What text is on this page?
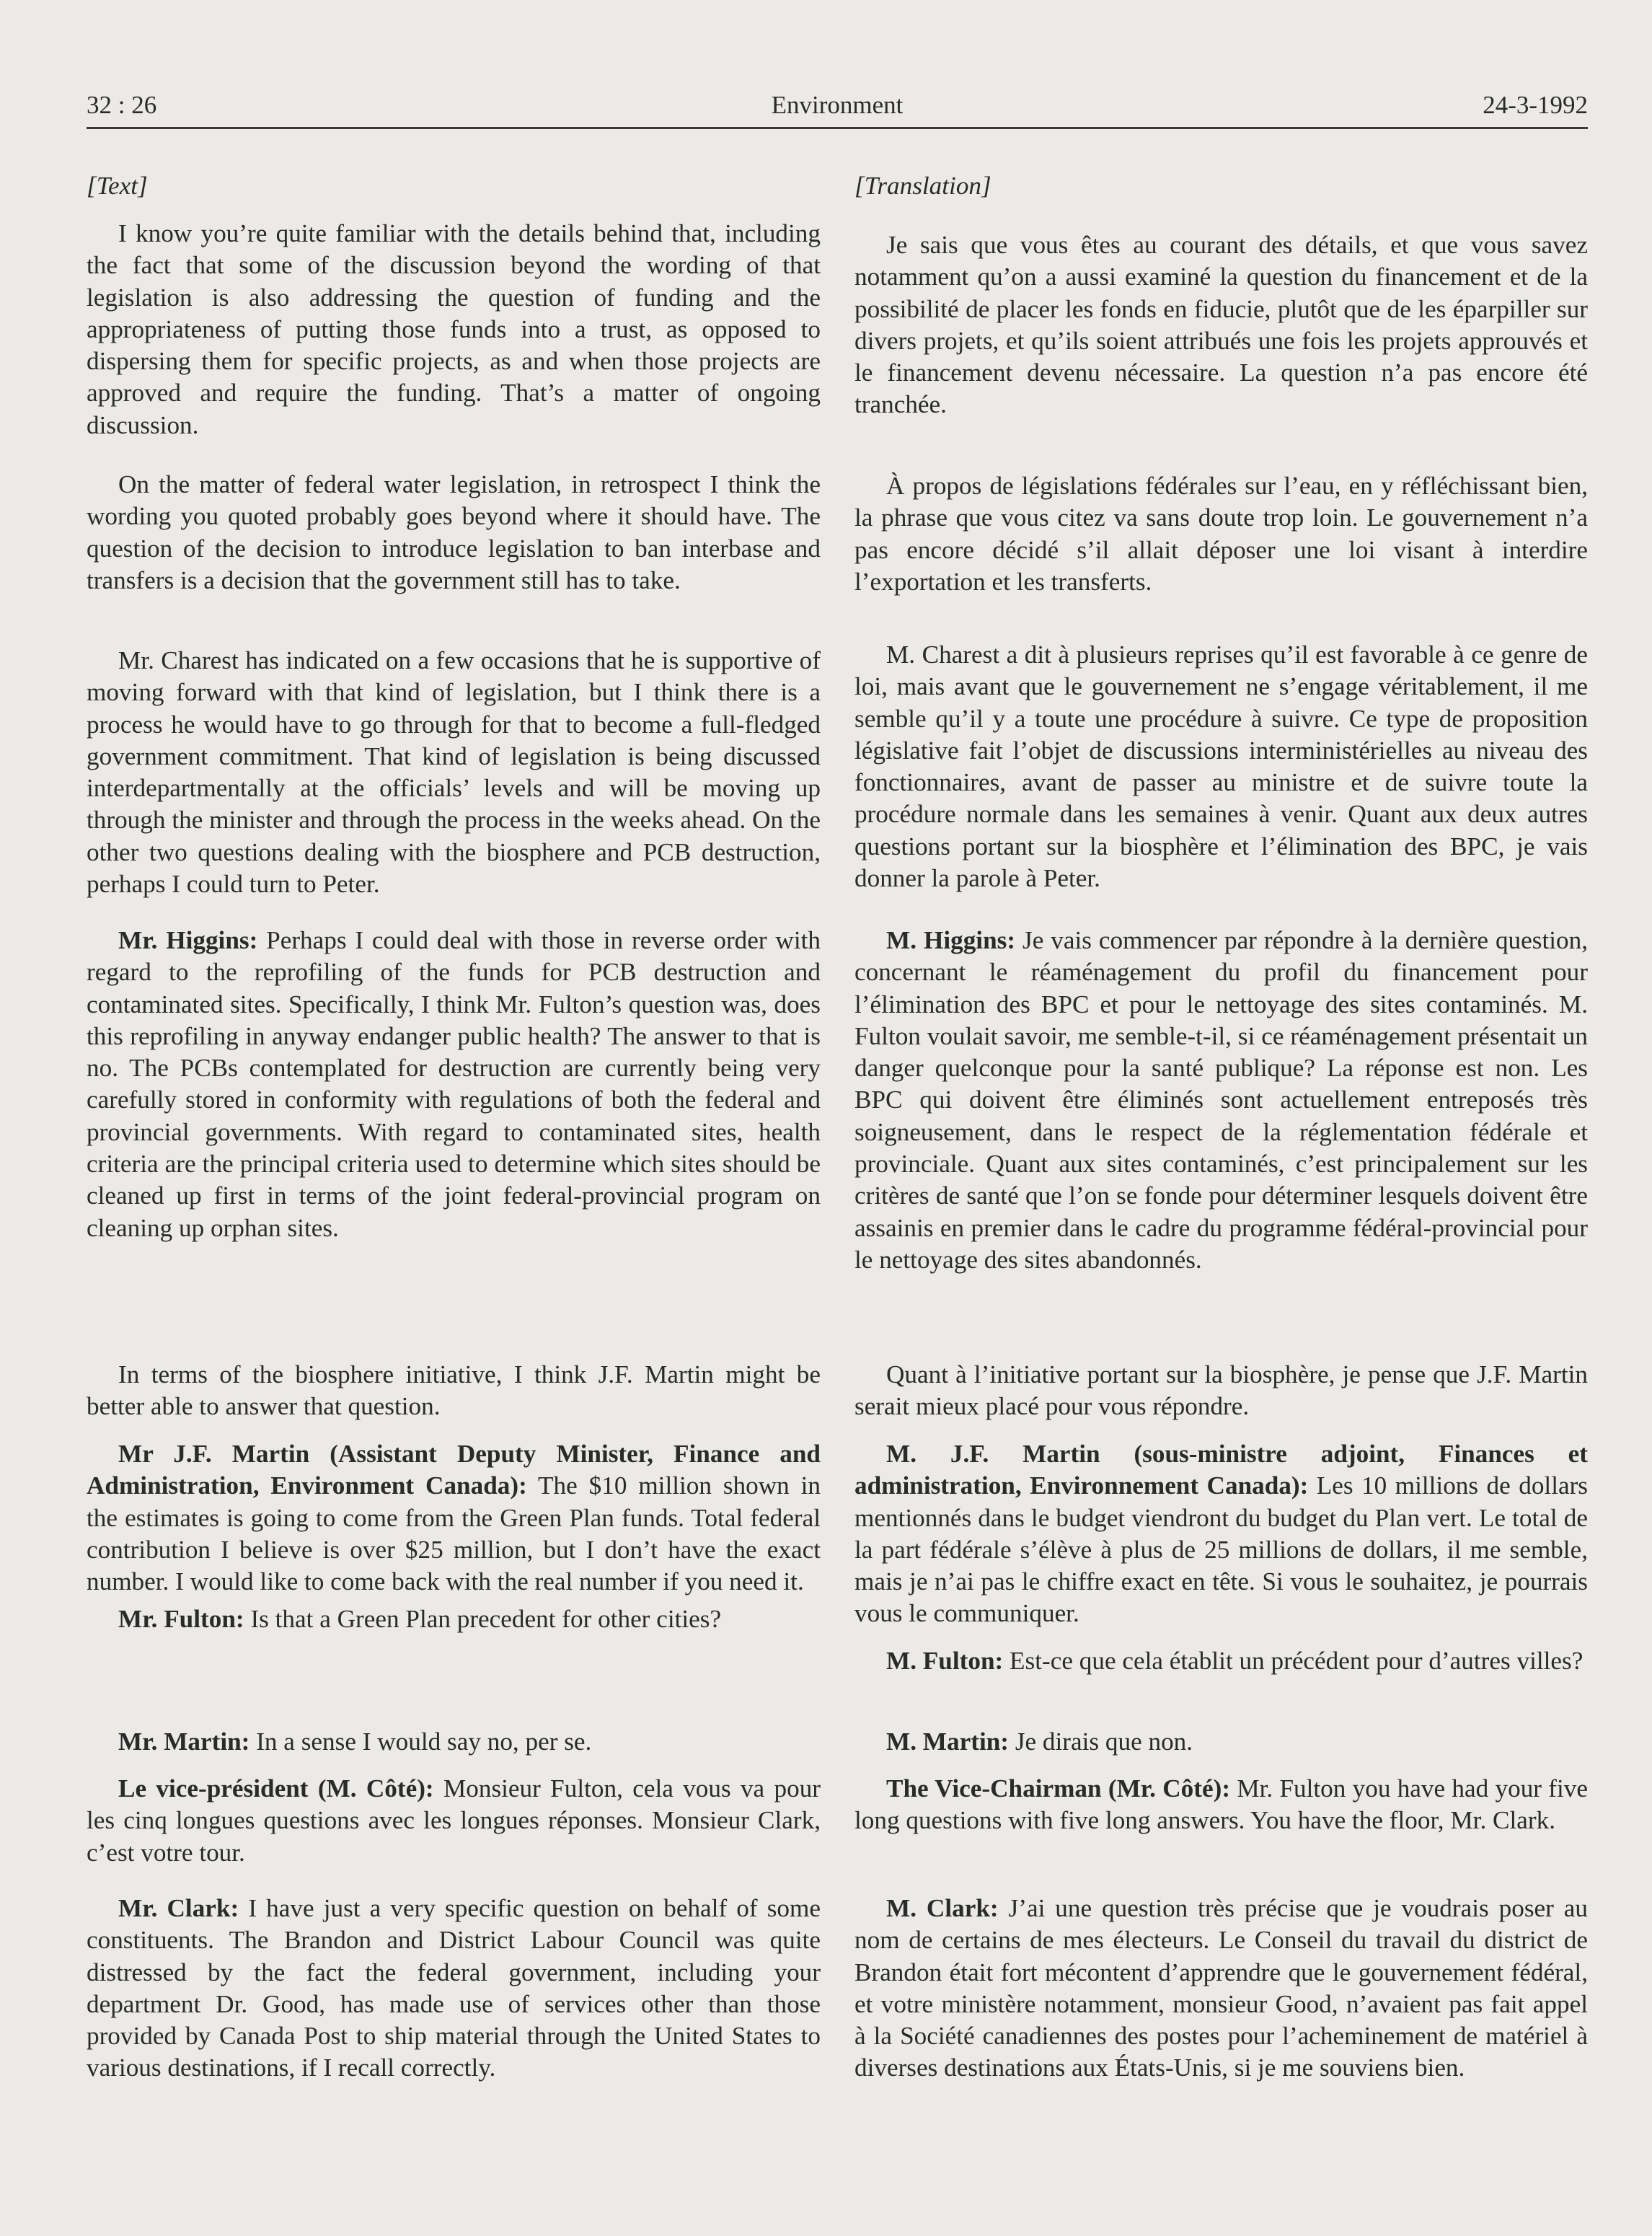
32 : 26	Environment	24-3-1992
[Text]

I know you’re quite familiar with the details behind that, including the fact that some of the discussion beyond the wording of that legislation is also addressing the question of funding and the appropriateness of putting those funds into a trust, as opposed to dispersing them for specific projects, as and when those projects are approved and require the funding. That’s a matter of ongoing discussion.

On the matter of federal water legislation, in retrospect I think the wording you quoted probably goes beyond where it should have. The question of the decision to introduce legislation to ban interbase and transfers is a decision that the government still has to take.

Mr. Charest has indicated on a few occasions that he is supportive of moving forward with that kind of legislation, but I think there is a process he would have to go through for that to become a full-fledged government commitment. That kind of legislation is being discussed interdepartmentally at the officials’ levels and will be moving up through the minister and through the process in the weeks ahead. On the other two questions dealing with the biosphere and PCB destruction, perhaps I could turn to Peter.

Mr. Higgins: Perhaps I could deal with those in reverse order with regard to the reprofiling of the funds for PCB destruction and contaminated sites. Specifically, I think Mr. Fulton’s question was, does this reprofiling in anyway endanger public health? The answer to that is no. The PCBs contemplated for destruction are currently being very carefully stored in conformity with regulations of both the federal and provincial governments. With regard to contaminated sites, health criteria are the principal criteria used to determine which sites should be cleaned up first in terms of the joint federal-provincial program on cleaning up orphan sites.

In terms of the biosphere initiative, I think J.F. Martin might be better able to answer that question.

Mr J.F. Martin (Assistant Deputy Minister, Finance and Administration, Environment Canada): The $10 million shown in the estimates is going to come from the Green Plan funds. Total federal contribution I believe is over $25 million, but I don’t have the exact number. I would like to come back with the real number if you need it.

Mr. Fulton: Is that a Green Plan precedent for other cities?

Mr. Martin: In a sense I would say no, per se.

Le vice-président (M. Côté): Monsieur Fulton, cela vous va pour les cinq longues questions avec les longues réponses. Monsieur Clark, c’est votre tour.

Mr. Clark: I have just a very specific question on behalf of some constituents. The Brandon and District Labour Council was quite distressed by the fact the federal government, including your department Dr. Good, has made use of services other than those provided by Canada Post to ship material through the United States to various destinations, if I recall correctly.

[Translation]

Je sais que vous êtes au courant des détails, et que vous savez notamment qu’on a aussi examiné la question du financement et de la possibilité de placer les fonds en fiducie, plutôt que de les éparpiller sur divers projets, et qu’ils soient attribués une fois les projets approuvés et le financement devenu nécessaire. La question n’a pas encore été tranchée.

À propos de législations fédérales sur l’eau, en y réfléchissant bien, la phrase que vous citez va sans doute trop loin. Le gouvernement n’a pas encore décidé s’il allait déposer une loi visant à interdire l’exportation et les transferts.

M. Charest a dit à plusieurs reprises qu’il est favorable à ce genre de loi, mais avant que le gouvernement ne s’engage véritablement, il me semble qu’il y a toute une procédure à suivre. Ce type de proposition législative fait l’objet de discussions interministérielles au niveau des fonctionnaires, avant de passer au ministre et de suivre toute la procédure normale dans les semaines à venir. Quant aux deux autres questions portant sur la biosphère et l’élimination des BPC, je vais donner la parole à Peter.

M. Higgins: Je vais commencer par répondre à la dernière question, concernant le réaménagement du profil du financement pour l’élimination des BPC et pour le nettoyage des sites contaminés. M. Fulton voulait savoir, me semble-t-il, si ce réaménagement présentait un danger quelconque pour la santé publique? La réponse est non. Les BPC qui doivent être éliminés sont actuellement entreposés très soigneusement, dans le respect de la réglementation fédérale et provinciale. Quant aux sites contaminés, c’est principalement sur les critères de santé que l’on se fonde pour déterminer lesquels doivent être assainis en premier dans le cadre du programme fédéral-provincial pour le nettoyage des sites abandonnés.

Quant à l’initiative portant sur la biosphère, je pense que J.F. Martin serait mieux placé pour vous répondre.

M. J.F. Martin (sous-ministre adjoint, Finances et administration, Environnement Canada): Les 10 millions de dollars mentionnés dans le budget viendront du budget du Plan vert. Le total de la part fédérale s’élève à plus de 25 millions de dollars, il me semble, mais je n’ai pas le chiffre exact en tête. Si vous le souhaitez, je pourrais vous le communiquer.

M. Fulton: Est-ce que cela établit un précédent pour d’autres villes?

M. Martin: Je dirais que non.

The Vice-Chairman (Mr. Côté): Mr. Fulton you have had your five long questions with five long answers. You have the floor, Mr. Clark.

M. Clark: J’ai une question très précise que je voudrais poser au nom de certains de mes électeurs. Le Conseil du travail du district de Brandon était fort mécontent d’apprendre que le gouvernement fédéral, et votre ministère notamment, monsieur Good, n’avaient pas fait appel à la Société canadiennes des postes pour l’acheminement de matériel à diverses destinations aux États-Unis, si je me souviens bien.
